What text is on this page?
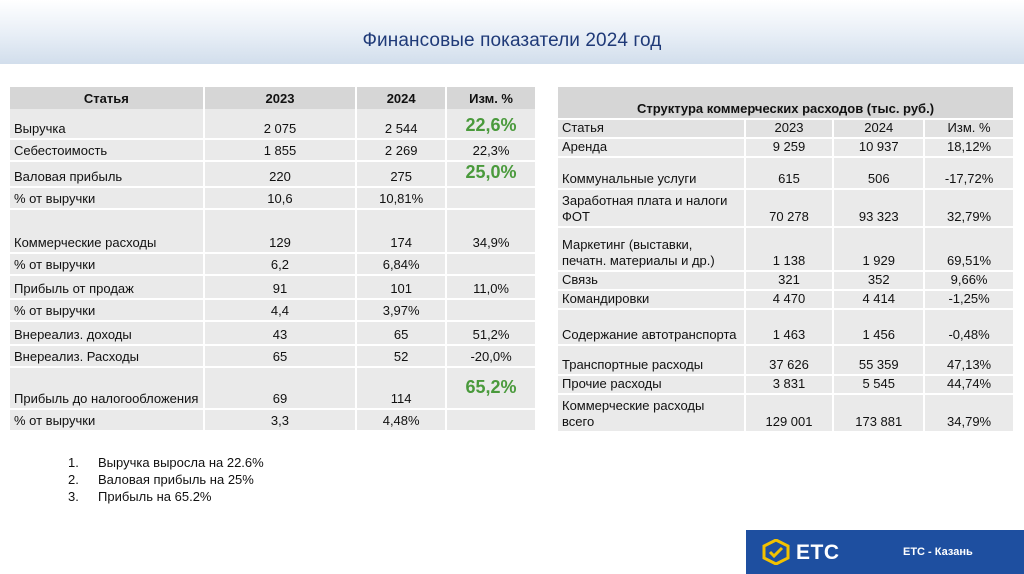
Финансовые показатели 2024 год
Статья	2023	2024	Изм. %
Выручка	2 075	2 544	22,6%
Себестоимость	1 855	2 269	22,3%
Валовая прибыль	220	275	25,0%
% от выручки	10,6	10,81%	
Коммерческие расходы	129	174	34,9%
% от выручки	6,2	6,84%	
Прибыль от продаж	91	101	11,0%
% от выручки	4,4	3,97%	
Внереализ. доходы	43	65	51,2%
Внереализ. Расходы	65	52	-20,0%
Прибыль до налогообложения	69	114	65,2%
% от выручки	3,3	4,48%	
Структура коммерческих расходов (тыс. руб.)			
Статья	2023	2024	Изм. %
Аренда	9 259	10 937	18,12%
Коммунальные услуги	615	506	-17,72%
Заработная плата и налоги ФОТ	70 278	93 323	32,79%
Маркетинг (выставки, печатн. материалы и др.)	1 138	1 929	69,51%
Связь	321	352	9,66%
Командировки	4 470	4 414	-1,25%
Содержание автотранспорта	1 463	1 456	-0,48%
Транспортные расходы	37 626	55 359	47,13%
Прочие расходы	3 831	5 545	44,74%
Коммерческие расходы всего	129 001	173 881	34,79%
1.	Выручка выросла на 22.6%
2.	Валовая прибыль на 25%
3.	Прибыль на 65.2%
ETC	ETC - Казань
